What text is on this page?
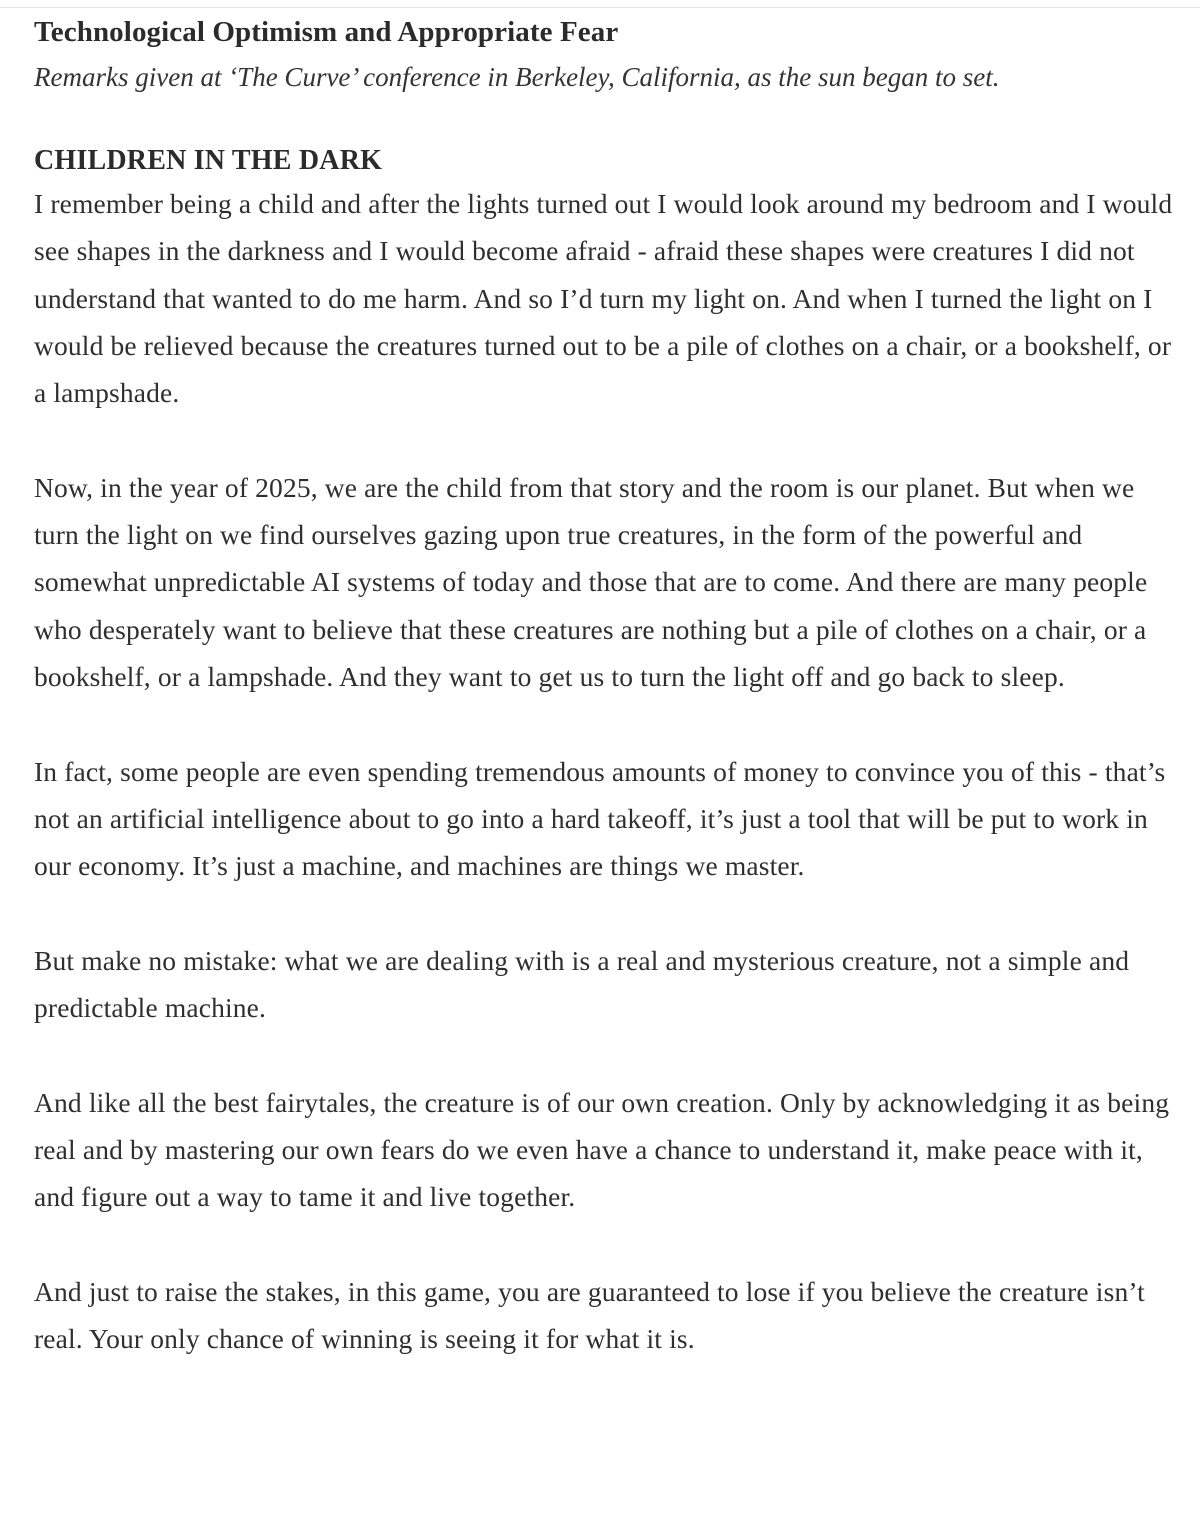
Technological Optimism and Appropriate Fear

Remarks given at ‘The Curve’ conference in Berkeley, California, as the sun began to set.

CHILDREN IN THE DARK

I remember being a child and after the lights turned out I would look around my bedroom and I would see shapes in the darkness and I would become afraid - afraid these shapes were creatures I did not understand that wanted to do me harm. And so I’d turn my light on. And when I turned the light on I would be relieved because the creatures turned out to be a pile of clothes on a chair, or a bookshelf, or a lampshade.

Now, in the year of 2025, we are the child from that story and the room is our planet. But when we turn the light on we find ourselves gazing upon true creatures, in the form of the powerful and somewhat unpredictable AI systems of today and those that are to come. And there are many people who desperately want to believe that these creatures are nothing but a pile of clothes on a chair, or a bookshelf, or a lampshade. And they want to get us to turn the light off and go back to sleep.

In fact, some people are even spending tremendous amounts of money to convince you of this - that’s not an artificial intelligence about to go into a hard takeoff, it’s just a tool that will be put to work in our economy. It’s just a machine, and machines are things we master.

But make no mistake: what we are dealing with is a real and mysterious creature, not a simple and predictable machine.

And like all the best fairytales, the creature is of our own creation. Only by acknowledging it as being real and by mastering our own fears do we even have a chance to understand it, make peace with it, and figure out a way to tame it and live together.

And just to raise the stakes, in this game, you are guaranteed to lose if you believe the creature isn’t real. Your only chance of winning is seeing it for what it is.
